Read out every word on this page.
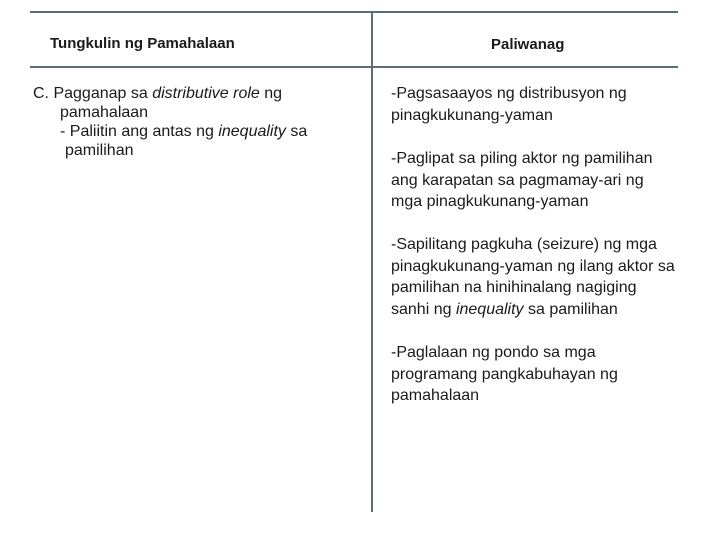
Tungkulin ng Pamahalaan	Paliwanag
C. Pagganap sa distributive role ng
pamahalaan
- Paliitin ang antas ng inequality sa
pamilihan
-Pagsasaayos ng distribusyon ng
pinagkukunang-yaman
-Paglipat sa piling aktor ng pamilihan
ang karapatan sa pagmamay-ari ng
mga pinagkukunang-yaman
-Sapilitang pagkuha (seizure) ng mga
pinagkukunang-yaman ng ilang aktor sa
pamilihan na hinihinalang nagiging
sanhi ng inequality sa pamilihan
-Paglalaan ng pondo sa mga
programang pangkabuhayan ng
pamahalaan
